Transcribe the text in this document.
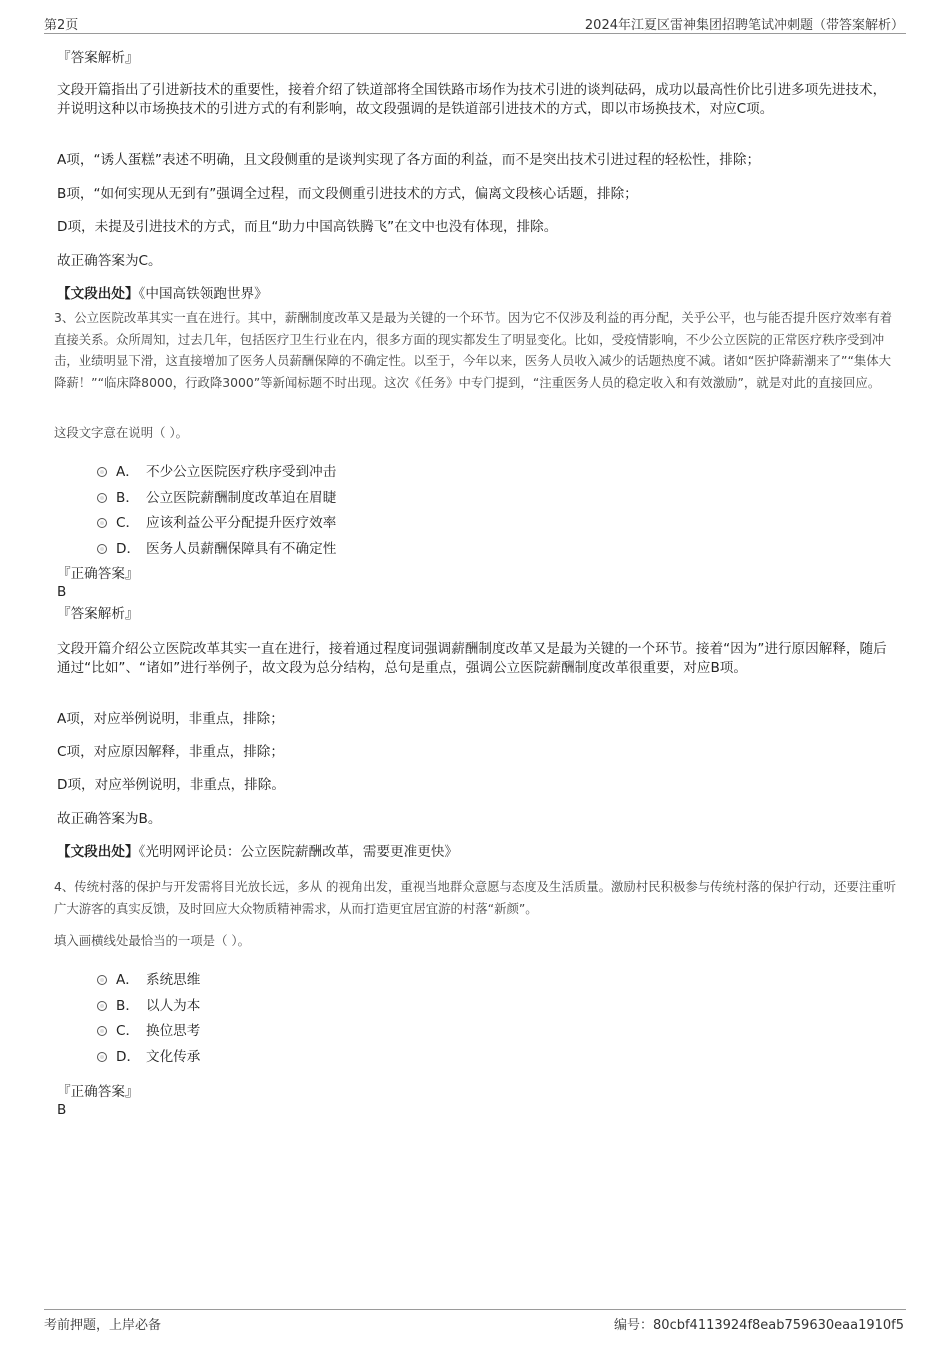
第2页	2024年江夏区雷神集团招聘笔试冲刺题（带答案解析）
『答案解析』
文段开篇指出了引进新技术的重要性，接着介绍了铁道部将全国铁路市场作为技术引进的谈判砝码，成功以最高性价比引进多项先进技术，并说明这种以市场换技术的引进方式的有利影响，故文段强调的是铁道部引进技术的方式，即以市场换技术，对应C项。
A项，“诱人蛋糕”表述不明确，且文段侧重的是谈判实现了各方面的利益，而不是突出技术引进过程的轻松性，排除；
B项，“如何实现从无到有”强调全过程，而文段侧重引进技术的方式，偏离文段核心话题，排除；
D项，未提及引进技术的方式，而且“助力中国高铁腾飞”在文中也没有体现，排除。
故正确答案为C。
【文段出处】《中国高铁领跑世界》
3、公立医院改革其实一直在进行。其中，薪酬制度改革又是最为关键的一个环节。因为它不仅涉及利益的再分配，关乎公平，也与能否提升医疗效率有着直接关系。众所周知，过去几年，包括医疗卫生行业在内，很多方面的现实都发生了明显变化。比如，受疫情影响，不少公立医院的正常医疗秩序受到冲击，业绩明显下滑，这直接增加了医务人员薪酬保障的不确定性。以至于，今年以来，医务人员收入减少的话题热度不减。诸如“医护降薪潮来了”“集体大降薪！”“临床降8000，行政降3000”等新闻标题不时出现。这次《任务》中专门提到，“注重医务人员的稳定收入和有效激励”，就是对此的直接回应。
这段文字意在说明（ ）。
A． 不少公立医院医疗秩序受到冲击
B． 公立医院薪酬制度改革迫在眉睫
C． 应该利益公平分配提升医疗效率
D． 医务人员薪酬保障具有不确定性
『正确答案』
B
『答案解析』
文段开篇介绍公立医院改革其实一直在进行，接着通过程度词强调薪酬制度改革又是最为关键的一个环节。接着“因为”进行原因解释，随后通过“比如”、“诸如”进行举例子，故文段为总分结构，总句是重点，强调公立医院薪酬制度改革很重要，对应B项。
A项，对应举例说明，非重点，排除；
C项，对应原因解释，非重点，排除；
D项，对应举例说明，非重点，排除。
故正确答案为B。
【文段出处】《光明网评论员：公立医院薪酬改革，需要更准更快》
4、传统村落的保护与开发需将目光放长远，多从 的视角出发，重视当地群众意愿与态度及生活质量。激励村民积极参与传统村落的保护行动，还要注重听广大游客的真实反馈，及时回应大众物质精神需求，从而打造更宜居宜游的村落“新颜”。
填入画横线处最恰当的一项是（ ）。
A． 系统思维
B． 以人为本
C． 换位思考
D． 文化传承
『正确答案』
B
考前押题，上岸必备	编号：80cbf4113924f8eab759630eaa1910f5
